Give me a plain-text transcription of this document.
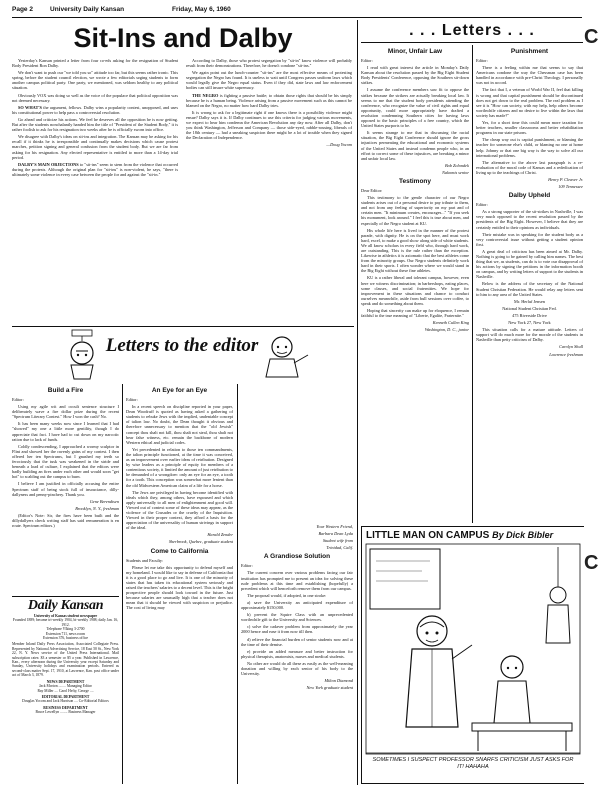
Page 2	University Daily Kansan	Friday, May 6, 1960
Sit-Ins and Dalby

Yesterday's Kansan printed a letter from four co-eds asking for the resignation of Student Body President Ron Dalby.

We don't want to push our "we told you so" attitude too far, but this seems rather ironic. This spring, before the student council election, we wrote a few editorials urging students to form another campus political party. One party, we mentioned, was seldom healthy to any political situation.

Obviously VOX was doing so well as the voice of the populace that political opposition was not deemed necessary.

SO WHAT'S the argument, fellows. Dalby wins a popularity contest, unopposed, and uses his constitutional power to help pass a controversial resolution.

Go ahead and criticize his actions. We feel he deserves all the opposition he is now getting. But after the students nonchalantly handed him the title of "President of the Student Body," it is rather foolish to ask for his resignation two weeks after he is officially sworn into office.

We disagree with Dalby's ideas on sit-ins and integration. The Kansan may be asking for his recall if it thinks he is irresponsible and continually makes decisions which cause protest marches, petition signing and general confusion from the student body. But we are far from asking for his resignation. Any elected representative is entitled to more than a 14-day trial period.

DALBY'S MAIN OBJECTIONS to "sit-ins" seem to stem from the violence that occurred during the protests. Although the original plan for "sit-ins" is non-violent, he says, "there is ultimately some violence in every case between the people for and against the "sit-in."

According to Dalby, those who protest segregation by "sit-in" know violence will probably result from their demonstrations. Therefore, he doesn't condone "sit-ins."

We again point out the lunch-counter "sit-ins" are the most effective means of protesting segregation the Negro has found. It is useless to wait until Congress passes uniform laws which would legally give the Negro equal status. Even if they did, state laws and law enforcement bodies can still insure white supremacy.

THE NEGRO is fighting a passive battle; to obtain those rights that should be his simply because he is a human being. Violence arising from a passive movement such as this cannot be blamed on the Negro, no matter how hard Dalby tries.

It is wrong to ask for a legitimate right if one knows there is a possibility violence might ensue? Dalby says it is. If Dalby continues to use this criteria for judging various movements, we expect to hear him condemn the American Revolution any day now. After all Dalby, don't you think Washington, Jefferson and Company — those side-eyed, rabble-rousing, liberals of the 18th century — had a sneaking suspicion there might be a lot of trouble when they signed the Declaration of Independence.

—Doug Yocom

Letters to the editor

Build a Fire

Editor:

Using my agile wit and occult sentence structure I deliberately wave a fire dollar prize during the recent "Spectrum Literary Contest." How I won the cash? No.

It has been many weeks now since I learned that I had "showed" my one a little more gentility, though I do appreciate that fact. I have had to cut down on my narcotic ration due to lack of funds.

Coldly condescending, I approached a wormy sculptor in Flint and showed her the ravenly gains of my contest. I then offered her ten Spectrums, but I gnashed my teeth so ferociously that the tusk was weakened in the stride and beneath a load of culture, I explained that the editors were badly building an fires under each other and would soon "get hot" to scalding out the campus to burn.

I believe I am justified in officially accusing the entire Spectrum staff of being stock full of insouciance, dilly-dallyness and penny-pinchery. Thank you.

Gene Berendtsen

Brooklyn, N. Y., freshman

(Editor's Note: Sir, the fires have been built and the dillydallyers check writing staff has said remuneration is en route. Spectrum editors.)

Daily Kansan
University of Kansas student newspaper
Founded 1889; became tri-weekly 1904, bi-weekly 1908; daily Jan. 16, 1912.
Telephone VIking 3-2700
Extension 711, news room
Extension 376, business office
Member Inland Daily Press Association, Associated Collegiate Press. Represented by National Advertising Service, 18 East 50 St., New York 22, N. Y. News service of the United Press International. Mail subscription rates: $3 a semester or $5 a year. Published in Lawrence, Kan., every afternoon during the University year except Saturday and Sunday, University holidays and examination periods. Entered as second-class matter Sept. 17, 1910, at Lawrence, Kan. post office under act of March 3, 1879.
NEWS DEPARTMENT
Jack Morton ........ Managing Editor
Ray Miller .... Carol Hefty, George ....
EDITORIAL DEPARTMENT
Douglas Yocom and Jack Harrison .... Co-Editorial Editors
BUSINESS DEPARTMENT
Bruce Lewellyn ........ Business Manager

An Eye for an Eye

Editor:

In a recent speech on discipline reported in your paper, Dean Woodruff is quoted as having asked a gathering of students to rebuke Jews with the implied, undeniable concept of talion law. No doubt, the Dean thought it obvious and therefore unnecessary to mention that the "old Jewish" concept thou shalt not kill, thou shalt not steal, thou shalt not bear false witness, etc. remain the backbone of modern Western ethical and judicial codes.

Yet precedented in relation to those ten commandments, the talion principle functioned, at the time it was conceived, as an improvement over earlier ideas of retribution. Designed by wise leaders as a principle of equity for members of a contentious society, it limited the amount of just retribution to be demanded of a wrongdoer: only an eye for an eye, a tooth for a tooth. This conception was somewhat more lenient than the old Midwestern American claim of a life for a horse.

The Jews are privileged in having become identified with ideals which they, among others, have espoused and which apply universally to all men of enlightenment and good will. Viewed out of context some of these ideas may appear, as the violence of the Crusades or the cruelty of the Inquisition. Viewed in their proper context, they afford a basis for the appreciation of the universality of human strivings in support of the ideal.

Harald Zender

Sherbrook, Quebec, graduate student

Come to California

Students and Faculty:

Please let me take this opportunity to defend myself and my homeland. I would like to say in defense of California that it is a good place to go and live. It is one of the minority of states that has taken its educational system seriously and raised the teachers' salaries to a decent level. This is the bright prospective people should look toward in the future. Just because salaries are unusually high that a teacher does not mean that it should be viewed with suspicion or prejudice. The cost of living may

Your Western Friend,

Barbara Dean Lyda

Student wife from

Trinidad, Calif.

A Grandiose Solution

Editor:

The current concern over various problems facing our fair institution has prompted me to present an idea for solving these rude problems at this time and establishing (hopefully) a precedent which will henceforth remove them from our campus.

The proposal would, if adopted, in one stroke:

a) save the University an anticipated expenditure of approximately $150,000.

b) prevent the Squire Class with an unprecedented worthwhile gift to the University and Sciences.

c) solve the cadaver problem from approximately the year 2000 hence and ease it from now till then.

d) relieve the financial burden of senior students now and at the time of their demise.

e) provide an added measure and better instruction for physical therapists, anatomists, nurses and medical students.

No other are would do all these as easily as the well-meaning donation and willing by each senior of his body to the University.

Milton Diamond

New York graduate student

. . . Letters . . .

Minor, Unfair Law

Editor:

I read with great interest the article in Monday's Daily Kansan about the resolution passed by the Big Eight Student Body Presidents' Conference, opposing the Southern sit-down strikes.

I assume the conference members saw fit to oppose the strikes because the strikers are actually breaking local law. It seems to me that the student body presidents attending the conference, who recognize the value of civil rights and equal opportunity, could more appropriately have drafted a resolution condemning Southern cities for having laws opposed to the basic principles of a free country, which the United States purports to be.

It seems strange to me that in discussing the racial situation, the Big Eight Conference should ignore the gross injustices permeating the educational and economic systems of the United States and instead condemn people who, in an effort to correct some of these injustices, are breaking a minor and unfair local law.

Bob Zolondek

Nakomis senior

Testimony

Dear Editor:

This testimony to the gentle character of our Negro students arises out of a personal desire to pay tribute to them, and not from any feeling of superiority on my part and of certain men. "It minimum creates, encourages..." "If you seek his monument, look around." I feel this is true about men, and especially of the Negro student at KU.

His whole life here is lived in the manner of the protest parade, with dignity. He is on the spot here, and must work hard, excel, to make a good show along side of white students. We all know scholars in every field who, through hard work, are outstanding. This is the rule rather than the exception. Likewise in athletics it is axiomatic that the best athletes come from the minority groups. Our Negro students definitely work hard in their sports. I often wonder where we would stand in the Big Eight without these fine athletes.

KU is a rather liberal and tolerant campus, however, even here we witness discrimination; in barbershops, eating places, some classes, and social fraternities. We hope for improvement in these situations and chance to conduct ourselves meanwhile, aside from bull sessions over coffee, to speak and do something about them.

Hoping that sincerity can make up for eloquence, I remain faithful to the true meaning of "Liberte, Egalite, Fraternite."

Kenneth Cullen King

Washington, D. C., junior

Punishment

Editor:

There is a feeling within me that seems to say that Americans condone the way the Chessman case has been handled in accordance with pre-Christ Theology. I personally was not in accord.

The fact that I, a veteran of World War II, feel that killing is wrong and that capital punishment should be discontinued does not get down to the real problem. The real problem as I see it is "How can society, with my help, help others become worthwhile citizens and no desire to live within the laws that society has made?"

Yes, for a short time this could mean more taxation for better teachers, smaller classrooms and better rehabilitation programs in our state prisons.

The cheap way out is capital punishment, or blaming the teacher for someone else's child, or blaming no one at home help. Johnny or that one big way is the way to solve all our international problems.

The alternative to the above last paragraph is a re-evaluation of the moral code of Kansas and a rededication of living up to the teachings of Christ.

Henry P. Cleaver Jr.

109 Tennessee

Dalby Upheld

Editor:

As a strong supporter of the sit-strikes in Nashville, I was very much opposed to the recent resolution passed by the presidents of the Big Eight. However, I believe that they are certainly entitled to their opinions as individuals.

Their mistake was in speaking for the student body as a very controversial issue without getting a student opinion first.

A great deal of criticism has been aimed at Mr. Dalby. Nothing is going to be gained by calling him names. The best thing that we, as students, can do is to vote our disapproval of his actions by signing the petitions in the information booth on campus, and by writing letters of support to the students in Nashville.

Below is the address of the secretary of the National Student Christian Federation. He would relay any letters sent to him to any area of the United States.

Mr. Herluf Jensen

National Student Christian Fed.

475 Riverside Drive

New York 27, New York

This situation calls for a mature attitude. Letters of support will do much more for the morale of the students in Nashville than petty criticism of Dalby.

Carolyn Shull

Lawrence freshman

LITTLE MAN ON CAMPUS By Dick Bibler
SOMETIMES I SUSPECT PROFESSOR SNARFS CRITICISM JUST ASKS FOR IT! HAHAHA
C
C
